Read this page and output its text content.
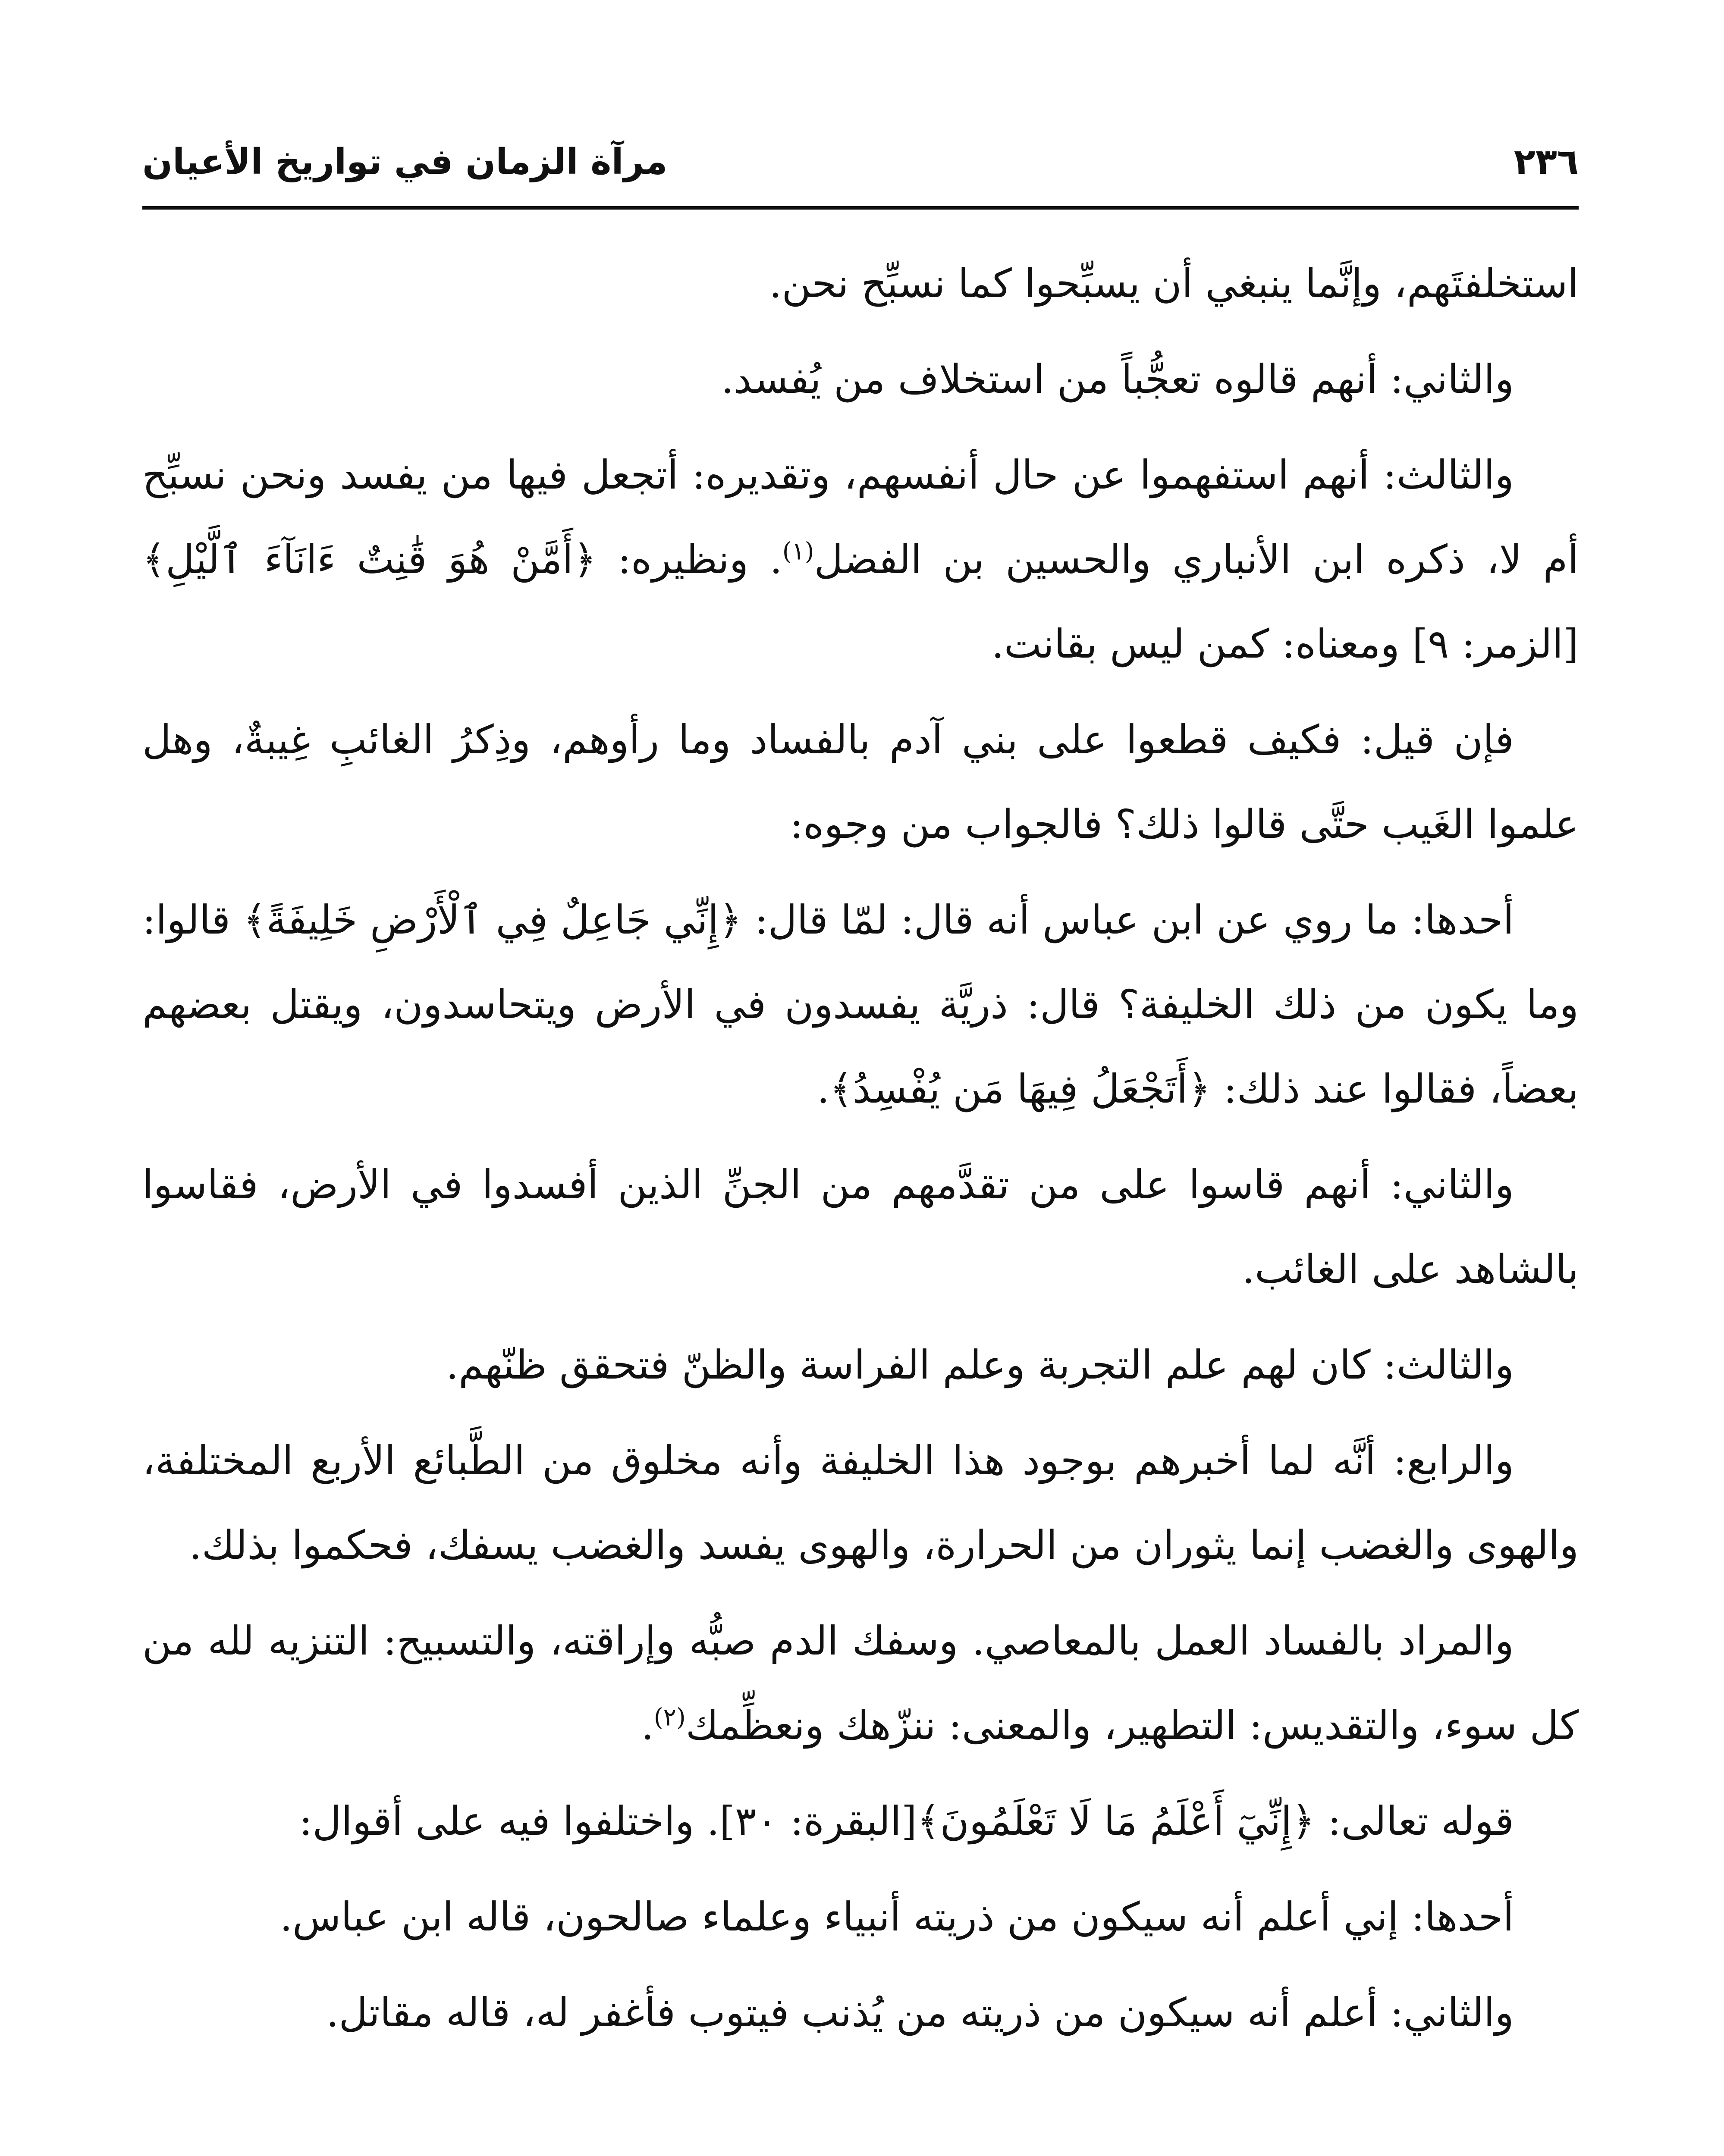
٢٣٦
مرآة الزمان في تواريخ الأعيان

استخلفتَهم، وإنَّما ينبغي أن يسبِّحوا كما نسبِّح نحن.

والثاني: أنهم قالوه تعجُّباً من استخلاف من يُفسد.

والثالث: أنهم استفهموا عن حال أنفسهم، وتقديره: أتجعل فيها من يفسد ونحن نسبِّح أم لا، ذكره ابن الأنباري والحسين بن الفضل$^{(١)}$. ونظيره: ﴿أَمَّنْ هُوَ قَٰنِتٌ ءَانَآءَ ٱلَّيْلِ﴾[الزمر: ٩] ومعناه: كمن ليس بقانت.

فإن قيل: فكيف قطعوا على بني آدم بالفساد وما رأوهم، وذِكرُ الغائبِ غِيبةٌ، وهل علموا الغَيب حتَّى قالوا ذلك؟ فالجواب من وجوه:

أحدها: ما روي عن ابن عباس أنه قال: لمّا قال: ﴿إِنِّي جَاعِلٌ فِي ٱلْأَرْضِ خَلِيفَةً﴾ قالوا: وما يكون من ذلك الخليفة؟ قال: ذريَّة يفسدون في الأرض ويتحاسدون، ويقتل بعضهم بعضاً، فقالوا عند ذلك: ﴿أَتَجْعَلُ فِيهَا مَن يُفْسِدُ﴾.

والثاني: أنهم قاسوا على من تقدَّمهم من الجنِّ الذين أفسدوا في الأرض، فقاسوا بالشاهد على الغائب.

والثالث: كان لهم علم التجربة وعلم الفراسة والظنّ فتحقق ظنّهم.

والرابع: أنَّه لما أخبرهم بوجود هذا الخليفة وأنه مخلوق من الطَّبائع الأربع المختلفة، والهوى والغضب إنما يثوران من الحرارة، والهوى يفسد والغضب يسفك، فحكموا بذلك.

والمراد بالفساد العمل بالمعاصي. وسفك الدم صبُّه وإراقته، والتسبيح: التنزيه لله من كل سوء، والتقديس: التطهير، والمعنى: ننزّهك ونعظِّمك$^{(٢)}$.

قوله تعالى: ﴿إِنِّيٓ أَعْلَمُ مَا لَا تَعْلَمُونَ﴾[البقرة: ٣٠]. واختلفوا فيه على أقوال:

أحدها: إني أعلم أنه سيكون من ذريته أنبياء وعلماء صالحون، قاله ابن عباس.

والثاني: أعلم أنه سيكون من ذريته من يُذنب فيتوب فأغفر له، قاله مقاتل.
